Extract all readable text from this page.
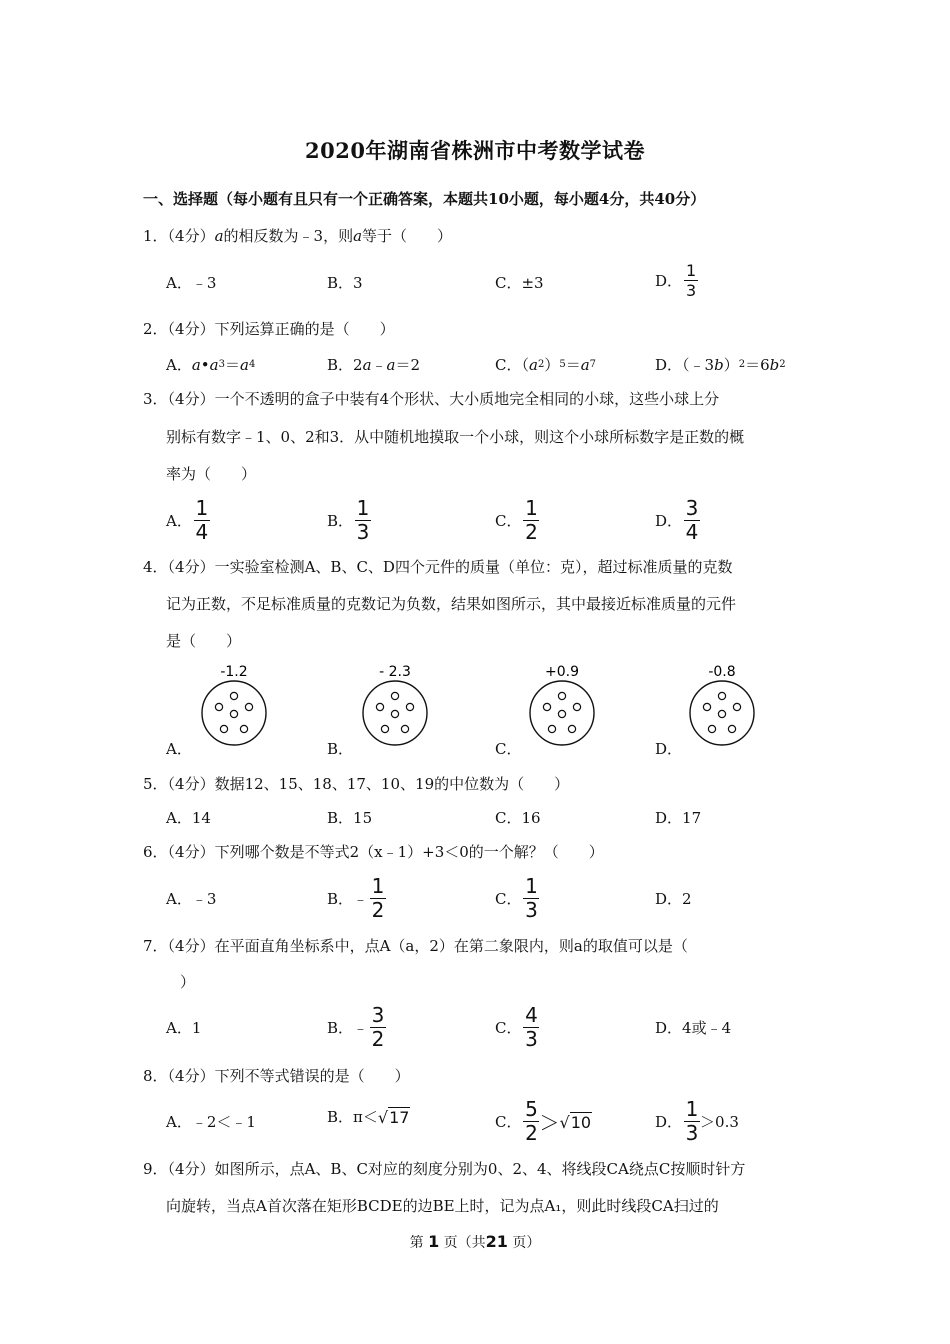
2020年湖南省株洲市中考数学试卷
一、选择题（每小题有且只有一个正确答案，本题共10小题，每小题4分，共40分）
1．（4分）a的相反数为﹣3，则a等于（　　）
A．﹣3	B．3	C．±3	D． $\frac{1}{3}$
2．（4分）下列运算正确的是（　　）
A． a • a 3 ＝ a 4	B．2 a ﹣ a ＝2	C．（ a 2 ） 5 ＝ a 7	D．（﹣3 b ） 2 ＝6 b 2
3．（4分）一个不透明的盒子中装有4个形状、大小质地完全相同的小球，这些小球上分
别标有数字﹣1、0、2和3．从中随机地摸取一个小球，则这个小球所标数字是正数的概
率为（　　）
A． $\frac{1}{4}$	B． $\frac{1}{3}$	C． $\frac{1}{2}$	D． $\frac{3}{4}$
4．（4分）一实验室检测A、B、C、D四个元件的质量（单位：克），超过标准质量的克数
记为正数，不足标准质量的克数记为负数，结果如图所示，其中最接近标准质量的元件
是（　　）
A．	B．	C．	D．
-1.2	- 2.3	+0.9	-0.8
5．（4分）数据12、15、18、17、10、19的中位数为（　　）
A．14	B．15	C．16	D．17
6．（4分）下列哪个数是不等式2（x﹣1）+3＜0的一个解？（　　）
A．﹣3	B．﹣ $\frac{1}{2}$	C． $\frac{1}{3}$	D．2
7．（4分）在平面直角坐标系中，点A（a，2）在第二象限内，则a的取值可以是（
）
A．1	B．﹣ $\frac{3}{2}$	C． $\frac{4}{3}$	D．4或﹣4
8．（4分）下列不等式错误的是（　　）
A．﹣2＜﹣1	B．π＜ √ 17	C． $\frac{5}{2}$ ＞ √ 10	D． $\frac{1}{3} >0.3$
9．（4分）如图所示，点A、B、C对应的刻度分别为0、2、4、将线段CA绕点C按顺时针方
向旋转，当点A首次落在矩形BCDE的边BE上时，记为点A₁，则此时线段CA扫过的
第 1 页（共21 页）
